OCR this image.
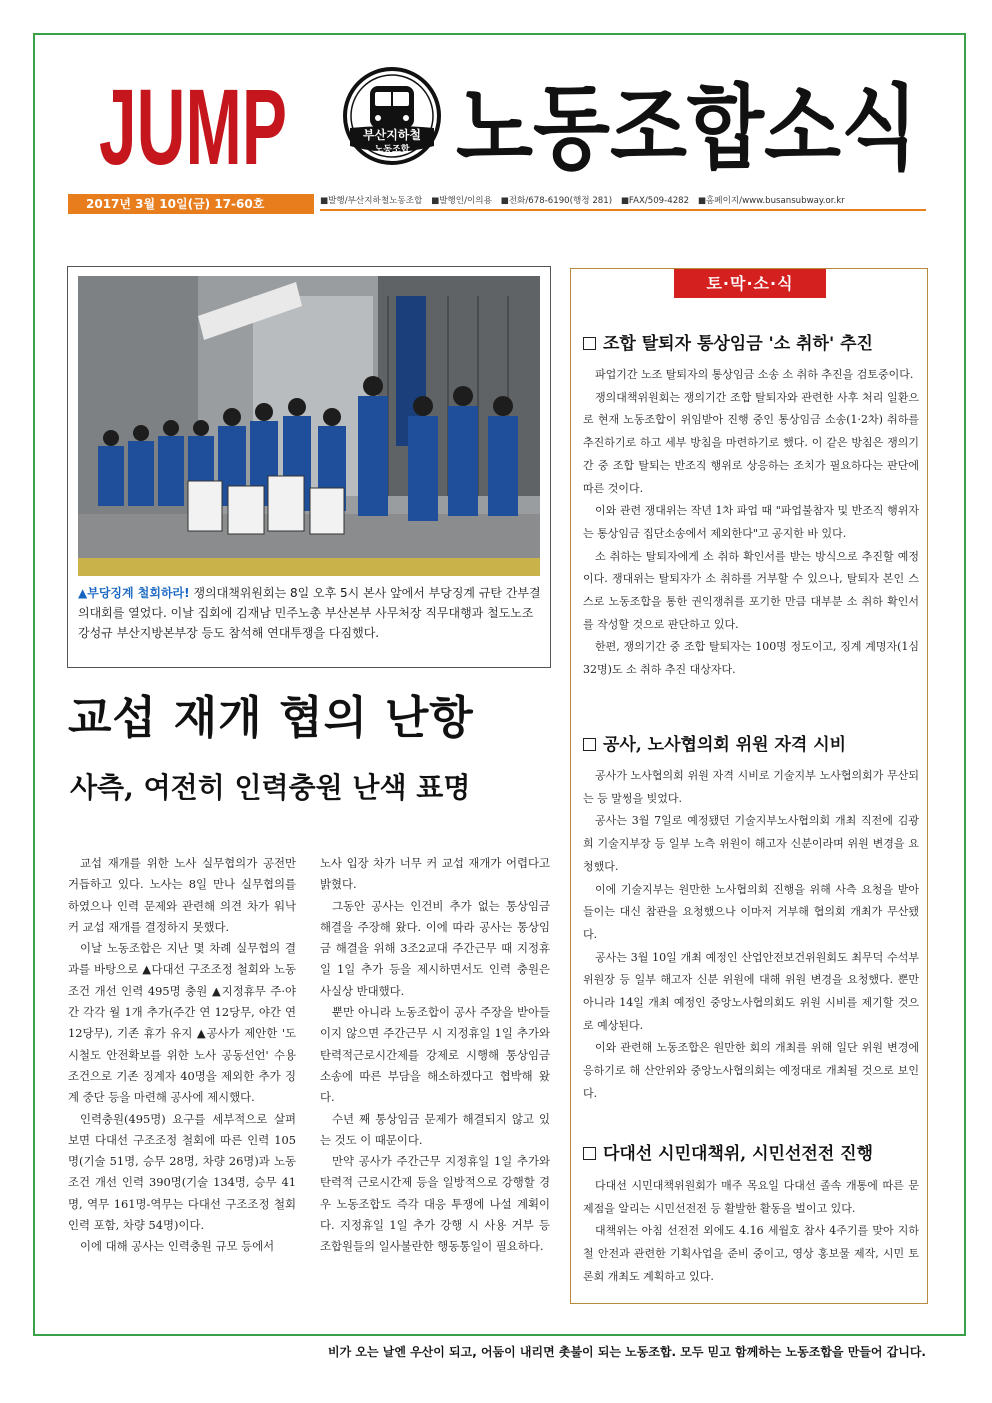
JUMP	부산지하철
노동조합 노동조합소식
2017년 3월 10일(금) 17-60호	■발행/부산지하철노동조합 ■발행인/이의용 ■전화/678-6190(행정 281) ■FAX/509-4282 ■홈페이지/www.busansubway.or.kr
▲부당징계 철회하라! 쟁의대책위원회는 8일 오후 5시 본사 앞에서 부당징계 규탄 간부결의대회를 열었다. 이날 집회에 김재남 민주노총 부산본부 사무처장 직무대행과 철도노조 강성규 부산지방본부장 등도 참석해 연대투쟁을 다짐했다.
교섭 재개 협의 난항
사측, 여전히 인력충원 난색 표명

교섭 재개를 위한 노사 실무협의가 공전만 거듭하고 있다. 노사는 8일 만나 실무협의를 하였으나 인력 문제와 관련해 의견 차가 워낙 커 교섭 재개를 결정하지 못했다.

이날 노동조합은 지난 몇 차례 실무협의 결과를 바탕으로 ▲다대선 구조조정 철회와 노동조건 개선 인력 495명 충원 ▲지정휴무 주·야간 각각 월 1개 추가(주간 연 12당무, 야간 연 12당무), 기존 휴가 유지 ▲공사가 제안한 '도시철도 안전확보를 위한 노사 공동선언' 수용 조건으로 기존 징계자 40명을 제외한 추가 징계 중단 등을 마련해 공사에 제시했다.

인력충원(495명) 요구를 세부적으로 살펴보면 다대선 구조조정 철회에 따른 인력 105명(기술 51명, 승무 28명, 차량 26명)과 노동조건 개선 인력 390명(기술 134명, 승무 41명, 역무 161명-역무는 다대선 구조조정 철회인력 포함, 차량 54명)이다.

이에 대해 공사는 인력충원 규모 등에서

노사 입장 차가 너무 커 교섭 재개가 어렵다고 밝혔다.

그동안 공사는 인건비 추가 없는 통상임금 해결을 주장해 왔다. 이에 따라 공사는 통상임금 해결을 위해 3조2교대 주간근무 때 지정휴일 1일 추가 등을 제시하면서도 인력 충원은 사실상 반대했다.

뿐만 아니라 노동조합이 공사 주장을 받아들이지 않으면 주간근무 시 지정휴일 1일 추가와 탄력적근로시간제를 강제로 시행해 통상임금 소송에 따른 부담을 해소하겠다고 협박해 왔다.

수년 째 통상임금 문제가 해결되지 않고 있는 것도 이 때문이다.

만약 공사가 주간근무 지정휴일 1일 추가와 탄력적 근로시간제 등을 일방적으로 강행할 경우 노동조합도 즉각 대응 투쟁에 나설 계획이다. 지정휴일 1일 추가 강행 시 사용 거부 등 조합원들의 일사불란한 행동통일이 필요하다.

토·막·소·식
조합 탈퇴자 통상임금 '소 취하' 추진

파업기간 노조 탈퇴자의 통상임금 소송 소 취하 추진을 검토중이다.

쟁의대책위원회는 쟁의기간 조합 탈퇴자와 관련한 사후 처리 일환으로 현재 노동조합이 위임받아 진행 중인 통상임금 소송(1·2차) 취하를 추진하기로 하고 세부 방침을 마련하기로 했다. 이 같은 방침은 쟁의기간 중 조합 탈퇴는 반조직 행위로 상응하는 조치가 필요하다는 판단에 따른 것이다.

이와 관련 쟁대위는 작년 1차 파업 때 "파업불참자 및 반조직 행위자는 통상임금 집단소송에서 제외한다"고 공지한 바 있다.

소 취하는 탈퇴자에게 소 취하 확인서를 받는 방식으로 추진할 예정이다. 쟁대위는 탈퇴자가 소 취하를 거부할 수 있으나, 탈퇴자 본인 스스로 노동조합을 통한 권익쟁취를 포기한 만큼 대부분 소 취하 확인서를 작성할 것으로 판단하고 있다.

한편, 쟁의기간 중 조합 탈퇴자는 100명 정도이고, 징계 계명자(1심 32명)도 소 취하 추진 대상자다.

공사, 노사협의회 위원 자격 시비

공사가 노사협의회 위원 자격 시비로 기술지부 노사협의회가 무산되는 등 말썽을 빚었다.

공사는 3월 7일로 예정됐던 기술지부노사협의회 개최 직전에 김광희 기술지부장 등 일부 노측 위원이 해고자 신분이라며 위원 변경을 요청했다.

이에 기술지부는 원만한 노사협의회 진행을 위해 사측 요청을 받아들이는 대신 참관을 요청했으나 이마저 거부해 협의회 개최가 무산됐다.

공사는 3월 10일 개최 예정인 산업안전보건위원회도 최무덕 수석부위원장 등 일부 해고자 신분 위원에 대해 위원 변경을 요청했다. 뿐만 아니라 14일 개최 예정인 중앙노사협의회도 위원 시비를 제기할 것으로 예상된다.

이와 관련해 노동조합은 원만한 회의 개최를 위해 일단 위원 변경에 응하기로 해 산안위와 중앙노사협의회는 예정대로 개최될 것으로 보인다.

다대선 시민대책위, 시민선전전 진행

다대선 시민대책위원회가 매주 목요일 다대선 졸속 개통에 따른 문제점을 알리는 시민선전전 등 활발한 활동을 벌이고 있다.

대책위는 아침 선전전 외에도 4.16 세월호 참사 4주기를 맞아 지하철 안전과 관련한 기획사업을 준비 중이고, 영상 홍보물 제작, 시민 토론회 개최도 계획하고 있다.

비가 오는 날엔 우산이 되고, 어둠이 내리면 촛불이 되는 노동조합. 모두 믿고 함께하는 노동조합을 만들어 갑니다.
